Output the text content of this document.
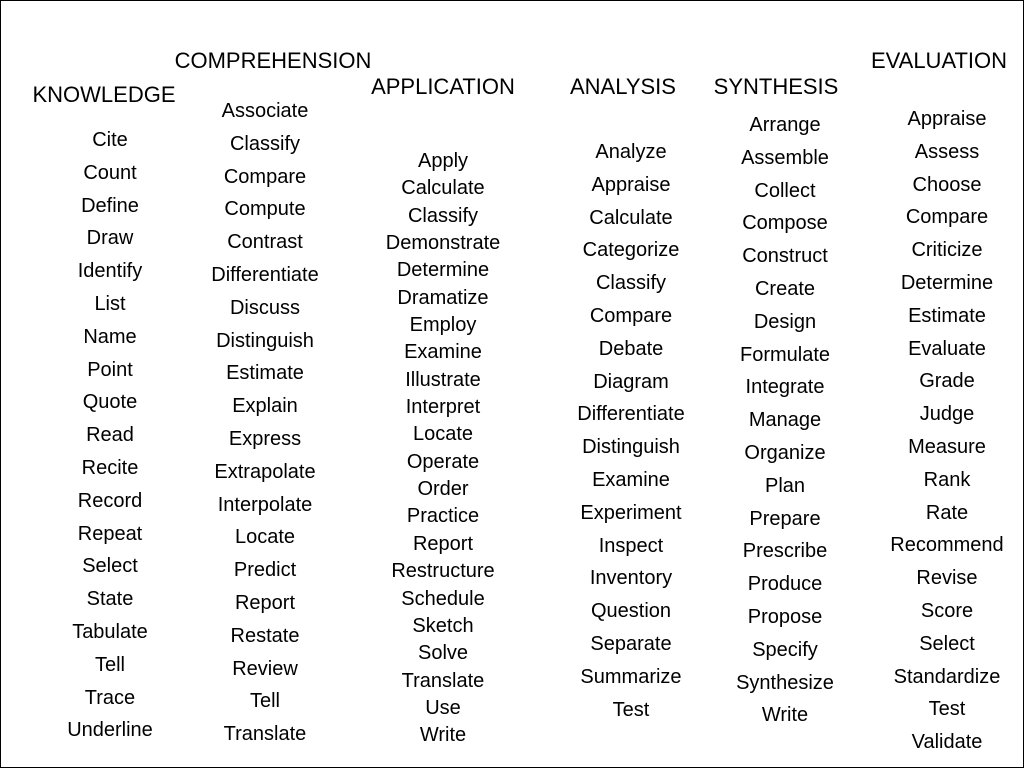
KNOWLEDGE
Cite
Count
Define
Draw
Identify
List
Name
Point
Quote
Read
Recite
Record
Repeat
Select
State
Tabulate
Tell
Trace
Underline
COMPREHENSION
Associate
Classify
Compare
Compute
Contrast
Differentiate
Discuss
Distinguish
Estimate
Explain
Express
Extrapolate
Interpolate
Locate
Predict
Report
Restate
Review
Tell
Translate
APPLICATION
Apply
Calculate
Classify
Demonstrate
Determine
Dramatize
Employ
Examine
Illustrate
Interpret
Locate
Operate
Order
Practice
Report
Restructure
Schedule
Sketch
Solve
Translate
Use
Write
ANALYSIS
Analyze
Appraise
Calculate
Categorize
Classify
Compare
Debate
Diagram
Differentiate
Distinguish
Examine
Experiment
Inspect
Inventory
Question
Separate
Summarize
Test
SYNTHESIS
Arrange
Assemble
Collect
Compose
Construct
Create
Design
Formulate
Integrate
Manage
Organize
Plan
Prepare
Prescribe
Produce
Propose
Specify
Synthesize
Write
EVALUATION
Appraise
Assess
Choose
Compare
Criticize
Determine
Estimate
Evaluate
Grade
Judge
Measure
Rank
Rate
Recommend
Revise
Score
Select
Standardize
Test
Validate
